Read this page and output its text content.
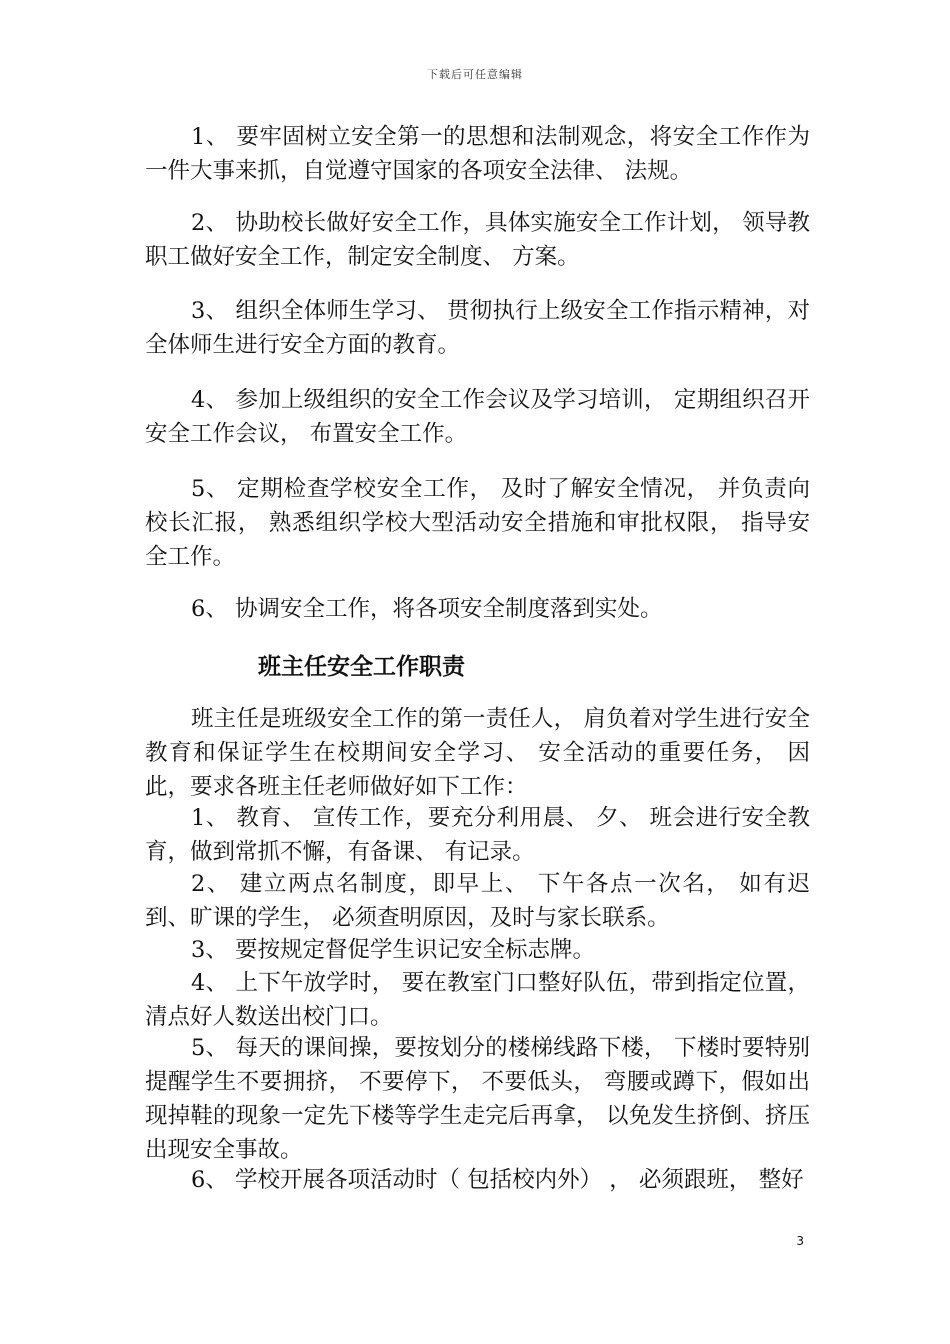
下载后可任意编辑

1、 要牢固树立安全第一的思想和法制观念，将安全工作作为一件大事来抓，自觉遵守国家的各项安全法律、 法规。

2、 协助校长做好安全工作，具体实施安全工作计划， 领导教职工做好安全工作，制定安全制度、 方案。

3、 组织全体师生学习、 贯彻执行上级安全工作指示精神，对全体师生进行安全方面的教育。

4、 参加上级组织的安全工作会议及学习培训， 定期组织召开安全工作会议， 布置安全工作。

5、 定期检查学校安全工作， 及时了解安全情况， 并负责向校长汇报， 熟悉组织学校大型活动安全措施和审批权限， 指导安全工作。

6、 协调安全工作，将各项安全制度落到实处。

班主任安全工作职责

班主任是班级安全工作的第一责任人， 肩负着对学生进行安全教育和保证学生在校期间安全学习、 安全活动的重要任务， 因此，要求各班主任老师做好如下工作：

1、 教育、 宣传工作，要充分利用晨、 夕、 班会进行安全教育，做到常抓不懈，有备课、 有记录。

2、 建立两点名制度，即早上、 下午各点一次名， 如有迟到、旷课的学生， 必须查明原因，及时与家长联系。

3、 要按规定督促学生识记安全标志牌。

4、 上下午放学时， 要在教室门口整好队伍，带到指定位置，清点好人数送出校门口。

5、 每天的课间操，要按划分的楼梯线路下楼， 下楼时要特别提醒学生不要拥挤， 不要停下， 不要低头， 弯腰或蹲下，假如出现掉鞋的现象一定先下楼等学生走完后再拿， 以免发生挤倒、挤压出现安全事故。

6、 学校开展各项活动时（ 包括校内外） ， 必须跟班， 整好

3
